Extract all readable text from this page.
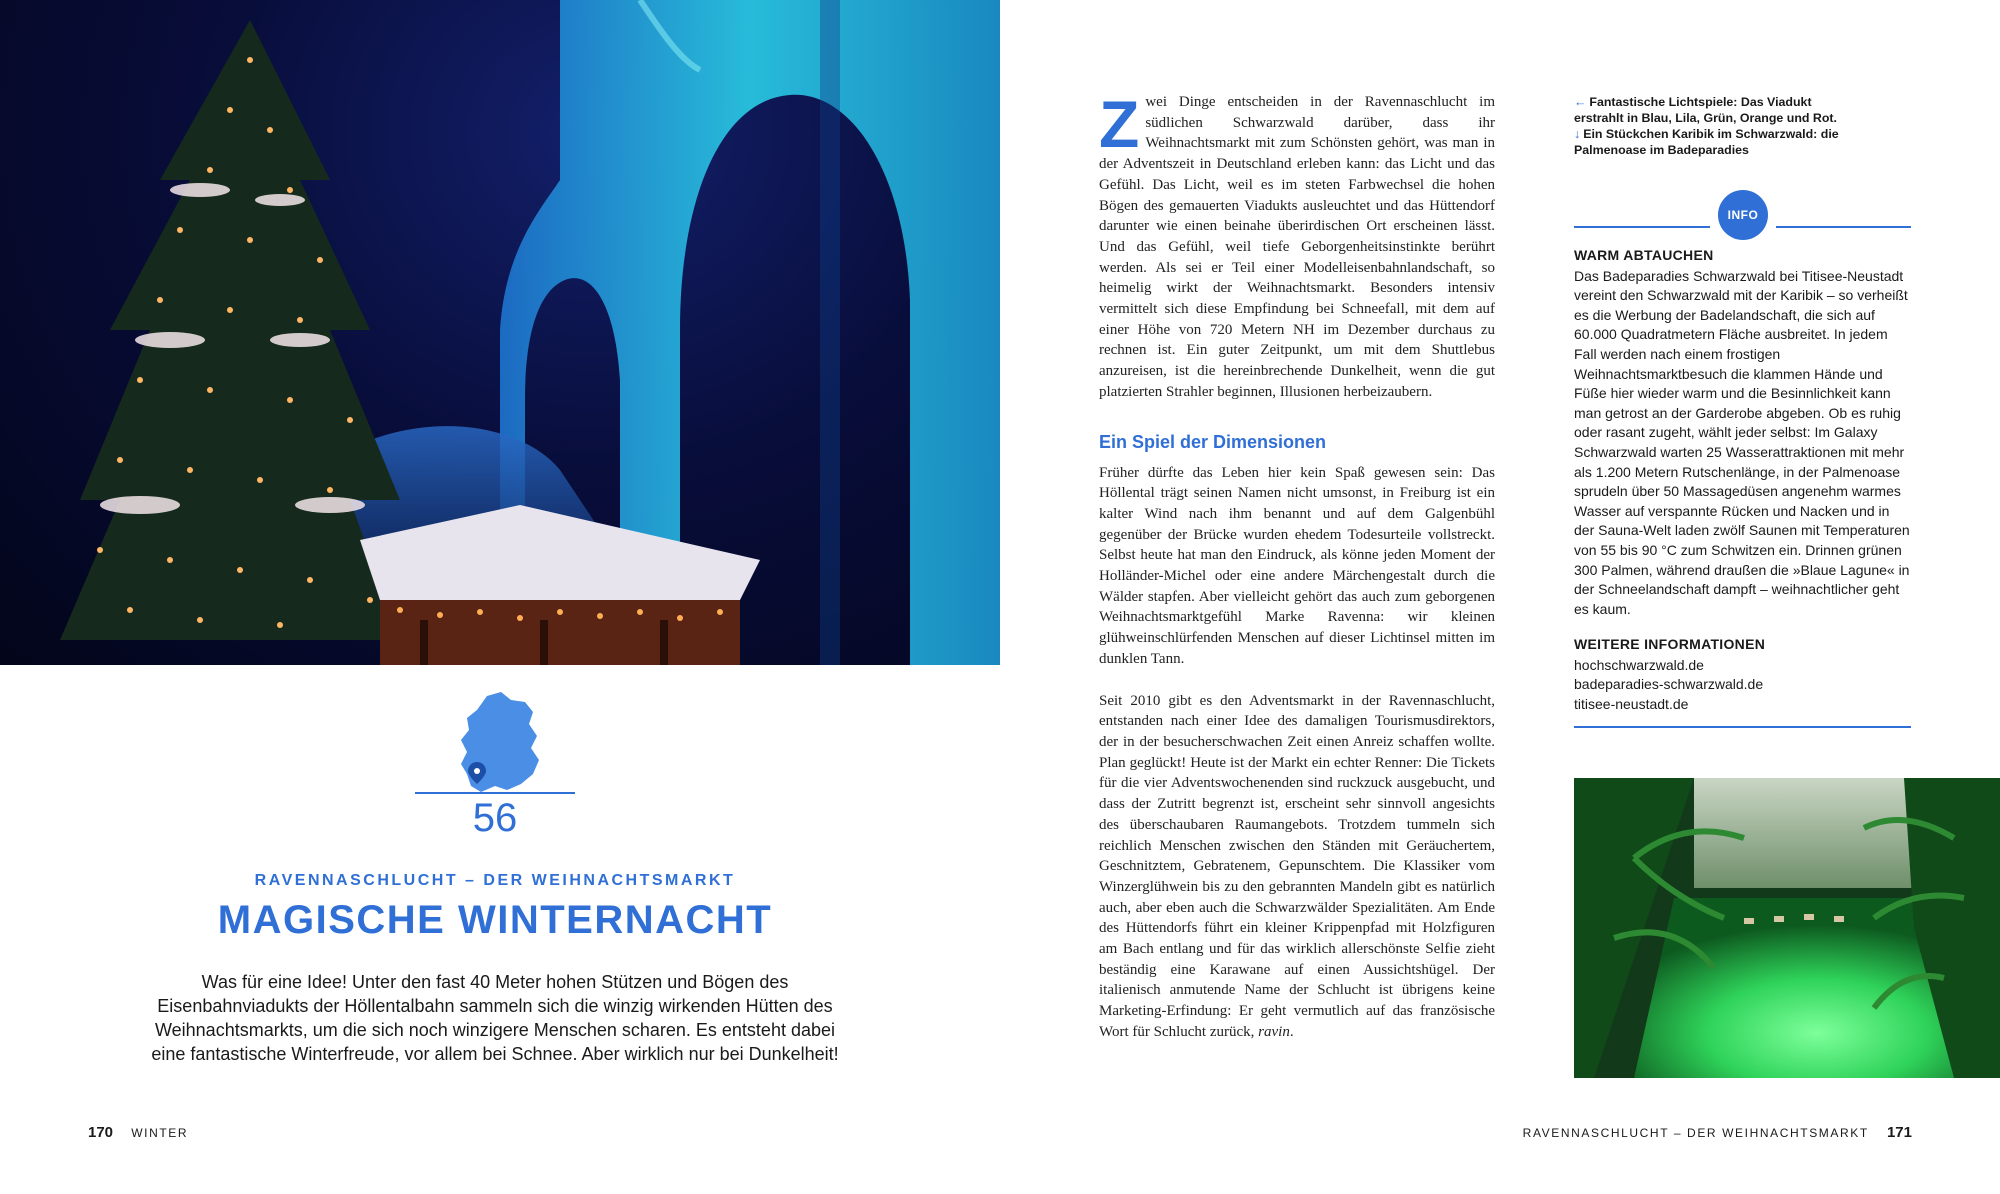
56
RAVENNASCHLUCHT – DER WEIHNACHTSMARKT
MAGISCHE WINTERNACHT
Was für eine Idee! Unter den fast 40 Meter hohen Stützen und Bögen des Eisenbahnviadukts der Höllentalbahn sammeln sich die winzig wirkenden Hütten des Weihnachtsmarkts, um die sich noch winzigere Menschen scharen. Es entsteht dabei eine fantastische Winterfreude, vor allem bei Schnee. Aber wirklich nur bei Dunkelheit!
170 WINTER

Zwei Dinge entscheiden in der Ravennaschlucht im südlichen Schwarzwald darüber, dass ihr Weihnachtsmarkt mit zum Schönsten gehört, was man in der Adventszeit in Deutschland erleben kann: das Licht und das Gefühl. Das Licht, weil es im steten Farbwechsel die hohen Bögen des gemauerten Viadukts ausleuchtet und das Hüttendorf darunter wie einen beinahe überirdischen Ort erscheinen lässt. Und das Gefühl, weil tiefe Geborgenheitsinstinkte berührt werden. Als sei er Teil einer Modelleisenbahnlandschaft, so heimelig wirkt der Weihnachtsmarkt. Besonders intensiv vermittelt sich diese Empfindung bei Schneefall, mit dem auf einer Höhe von 720 Metern NH im Dezember durchaus zu rechnen ist. Ein guter Zeitpunkt, um mit dem Shuttlebus anzureisen, ist die hereinbrechende Dunkelheit, wenn die gut platzierten Strahler beginnen, Illusionen herbeizaubern.

Ein Spiel der Dimensionen

Früher dürfte das Leben hier kein Spaß gewesen sein: Das Höllental trägt seinen Namen nicht umsonst, in Freiburg ist ein kalter Wind nach ihm benannt und auf dem Galgenbühl gegenüber der Brücke wurden ehedem Todesurteile vollstreckt. Selbst heute hat man den Eindruck, als könne jeden Moment der Holländer-Michel oder eine andere Märchengestalt durch die Wälder stapfen. Aber vielleicht gehört das auch zum geborgenen Weihnachtsmarktgefühl Marke Ravenna: wir kleinen glühweinschlürfenden Menschen auf dieser Lichtinsel mitten im dunklen Tann.

Seit 2010 gibt es den Adventsmarkt in der Ravennaschlucht, entstanden nach einer Idee des damaligen Tourismusdirektors, der in der besucherschwachen Zeit einen Anreiz schaffen wollte. Plan geglückt! Heute ist der Markt ein echter Renner: Die Tickets für die vier Adventswochenenden sind ruckzuck ausgebucht, und dass der Zutritt begrenzt ist, erscheint sehr sinnvoll angesichts des überschaubaren Raumangebots. Trotzdem tummeln sich reichlich Menschen zwischen den Ständen mit Geräuchertem, Geschnitztem, Gebratenem, Gepunschtem. Die Klassiker vom Winzerglühwein bis zu den gebrannten Mandeln gibt es natürlich auch, aber eben auch die Schwarzwälder Spezialitäten. Am Ende des Hüttendorfs führt ein kleiner Krippenpfad mit Holzfiguren am Bach entlang und für das wirklich allerschönste Selfie zieht beständig eine Karawane auf einen Aussichtshügel. Der italienisch anmutende Name der Schlucht ist übrigens keine Marketing-Erfindung: Er geht vermutlich auf das französische Wort für Schlucht zurück, ravin.

← Fantastische Lichtspiele: Das Viadukt erstrahlt in Blau, Lila, Grün, Orange und Rot.
↓ Ein Stückchen Karibik im Schwarzwald: die Palmenoase im Badeparadies
INFO
WARM ABTAUCHEN
Das Badeparadies Schwarzwald bei Titisee-Neustadt vereint den Schwarzwald mit der Karibik – so verheißt es die Werbung der Badelandschaft, die sich auf 60.000 Quadratmetern Fläche ausbreitet. In jedem Fall werden nach einem frostigen Weihnachtsmarktbesuch die klammen Hände und Füße hier wieder warm und die Besinnlichkeit kann man getrost an der Garderobe abgeben. Ob es ruhig oder rasant zugeht, wählt jeder selbst: Im Galaxy Schwarzwald warten 25 Wasserattraktionen mit mehr als 1.200 Metern Rutschenlänge, in der Palmenoase sprudeln über 50 Massagedüsen angenehm warmes Wasser auf verspannte Rücken und Nacken und in der Sauna-Welt laden zwölf Saunen mit Temperaturen von 55 bis 90 °C zum Schwitzen ein. Drinnen grünen 300 Palmen, während draußen die »Blaue Lagune« in der Schneelandschaft dampft – weihnachtlicher geht es kaum.
WEITERE INFORMATIONEN
hochschwarzwald.de
badeparadies-schwarzwald.de
titisee-neustadt.de
RAVENNASCHLUCHT – DER WEIHNACHTSMARKT 171
